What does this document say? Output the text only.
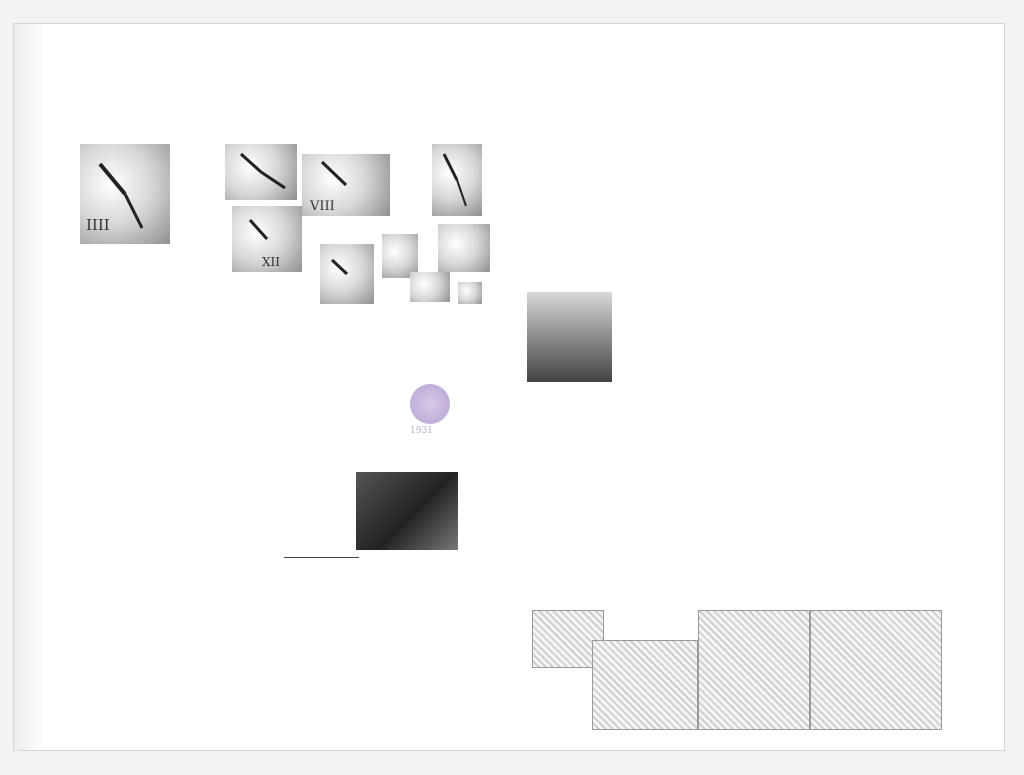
IIII
VIII
XII
1931
